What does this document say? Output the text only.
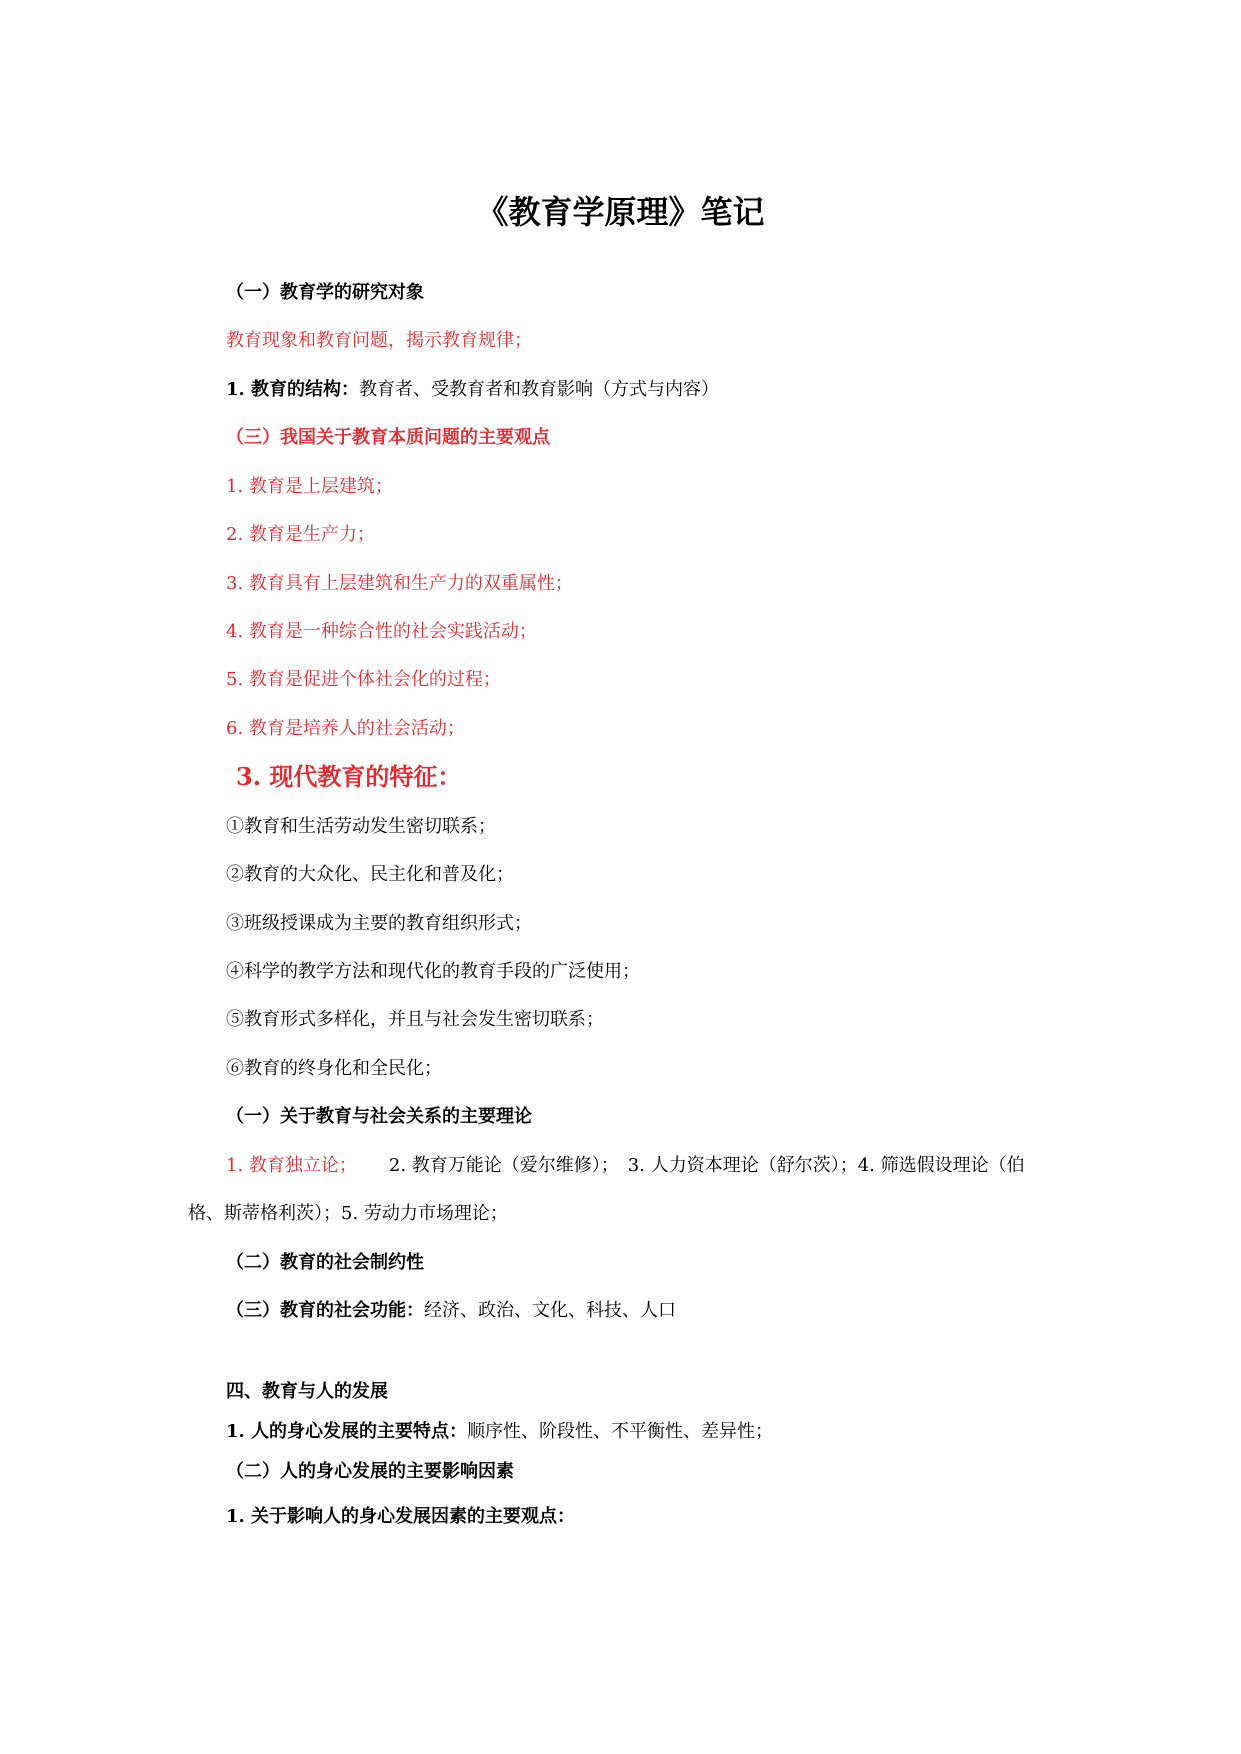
《教育学原理》笔记
（一）教育学的研究对象
教育现象和教育问题，揭示教育规律；
1. 教育的结构：教育者、受教育者和教育影响（方式与内容）
（三）我国关于教育本质问题的主要观点
1. 教育是上层建筑；
2. 教育是生产力；
3. 教育具有上层建筑和生产力的双重属性；
4. 教育是一种综合性的社会实践活动；
5. 教育是促进个体社会化的过程；
6. 教育是培养人的社会活动；
3. 现代教育的特征：
①教育和生活劳动发生密切联系；
②教育的大众化、民主化和普及化；
③班级授课成为主要的教育组织形式；
④科学的教学方法和现代化的教育手段的广泛使用；
⑤教育形式多样化，并且与社会发生密切联系；
⑥教育的终身化和全民化；
（一）关于教育与社会关系的主要理论
1. 教育独立论； 2. 教育万能论（爱尔维修）；　3. 人力资本理论（舒尔茨）；4. 筛选假设理论（伯
格、斯蒂格利茨）；5. 劳动力市场理论；
（二）教育的社会制约性
（三）教育的社会功能：经济、政治、文化、科技、人口
四、教育与人的发展
1. 人的身心发展的主要特点：顺序性、阶段性、不平衡性、差异性；
（二）人的身心发展的主要影响因素
1. 关于影响人的身心发展因素的主要观点：
